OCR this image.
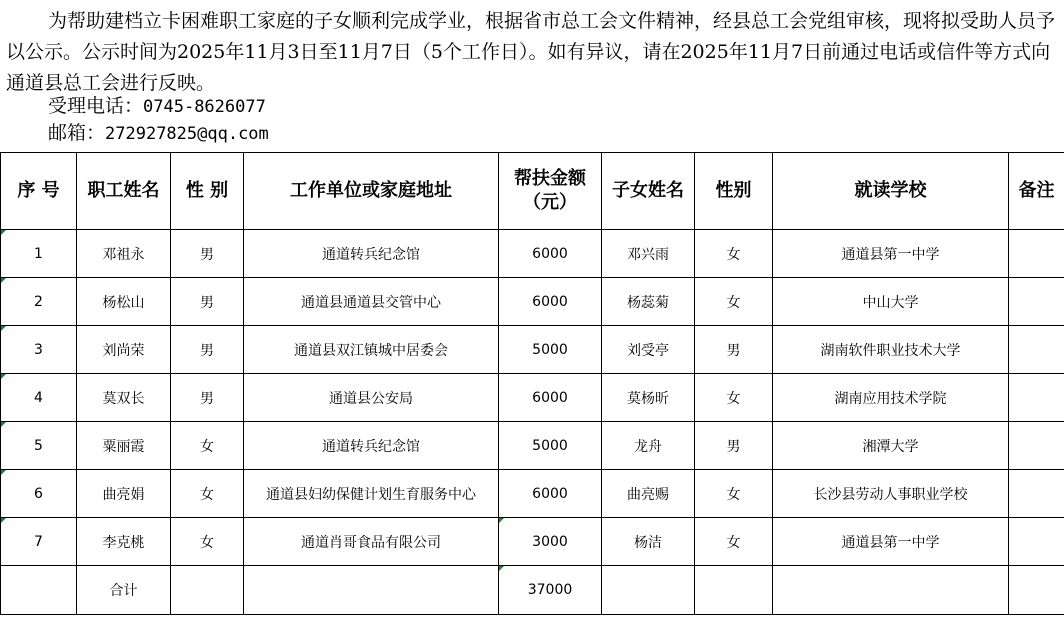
为帮助建档立卡困难职工家庭的子女顺利完成学业，根据省市总工会文件精神，经县总工会党组审核，现将拟受助人员予以公示。公示时间为2025年11月3日至11月7日（5个工作日）。如有异议，请在2025年11月7日前通过电话或信件等方式向通道县总工会进行反映。

受理电话：0745-8626077

邮箱：272927825@qq.com

序 号	职工姓名	性 别	工作单位或家庭地址	帮扶金额（元）	子女姓名	性别	就读学校	备注
1	邓祖永	男	通道转兵纪念馆	6000	邓兴雨	女	通道县第一中学	
2	杨松山	男	通道县通道县交管中心	6000	杨蕊菊	女	中山大学	
3	刘尚荣	男	通道县双江镇城中居委会	5000	刘受亭	男	湖南软件职业技术大学	
4	莫双长	男	通道县公安局	6000	莫杨昕	女	湖南应用技术学院	
5	粟丽霞	女	通道转兵纪念馆	5000	龙舟	男	湘潭大学	
6	曲亮娟	女	通道县妇幼保健计划生育服务中心	6000	曲亮赐	女	长沙县劳动人事职业学校	
7	李克桃	女	通道肖哥食品有限公司	3000	杨洁	女	通道县第一中学	
	合计			37000				
